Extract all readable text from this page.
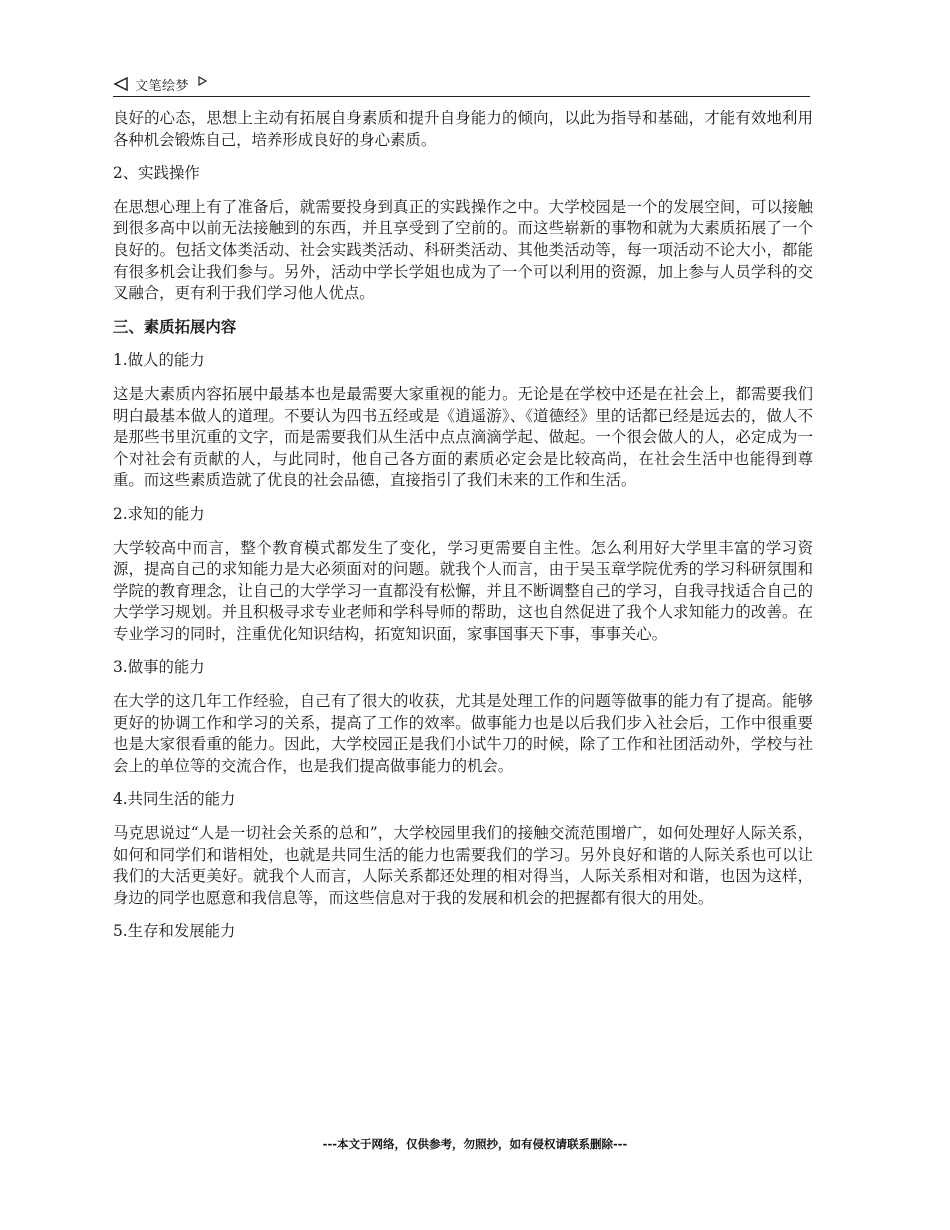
文笔绘梦
良好的心态，思想上主动有拓展自身素质和提升自身能力的倾向，以此为指导和基础，才能有效地利用各种机会锻炼自己，培养形成良好的身心素质。
2、实践操作
在思想心理上有了准备后，就需要投身到真正的实践操作之中。大学校园是一个的发展空间，可以接触到很多高中以前无法接触到的东西，并且享受到了空前的。而这些崭新的事物和就为大素质拓展了一个良好的。包括文体类活动、社会实践类活动、科研类活动、其他类活动等，每一项活动不论大小，都能有很多机会让我们参与。另外，活动中学长学姐也成为了一个可以利用的资源，加上参与人员学科的交叉融合，更有利于我们学习他人优点。
三、素质拓展内容
1.做人的能力
这是大素质内容拓展中最基本也是最需要大家重视的能力。无论是在学校中还是在社会上，都需要我们明白最基本做人的道理。不要认为四书五经或是《逍遥游》、《道德经》里的话都已经是远去的，做人不是那些书里沉重的文字，而是需要我们从生活中点点滴滴学起、做起。一个很会做人的人，必定成为一个对社会有贡献的人，与此同时，他自己各方面的素质必定会是比较高尚，在社会生活中也能得到尊重。而这些素质造就了优良的社会品德，直接指引了我们未来的工作和生活。
2.求知的能力
大学较高中而言，整个教育模式都发生了变化，学习更需要自主性。怎么利用好大学里丰富的学习资源，提高自己的求知能力是大必须面对的问题。就我个人而言，由于吴玉章学院优秀的学习科研氛围和学院的教育理念，让自己的大学学习一直都没有松懈，并且不断调整自己的学习，自我寻找适合自己的大学学习规划。并且积极寻求专业老师和学科导师的帮助，这也自然促进了我个人求知能力的改善。在专业学习的同时，注重优化知识结构，拓宽知识面，家事国事天下事，事事关心。
3.做事的能力
在大学的这几年工作经验，自己有了很大的收获，尤其是处理工作的问题等做事的能力有了提高。能够更好的协调工作和学习的关系，提高了工作的效率。做事能力也是以后我们步入社会后，工作中很重要也是大家很看重的能力。因此，大学校园正是我们小试牛刀的时候，除了工作和社团活动外，学校与社会上的单位等的交流合作，也是我们提高做事能力的机会。
4.共同生活的能力
马克思说过“人是一切社会关系的总和”，大学校园里我们的接触交流范围增广，如何处理好人际关系，如何和同学们和谐相处，也就是共同生活的能力也需要我们的学习。另外良好和谐的人际关系也可以让我们的大活更美好。就我个人而言，人际关系都还处理的相对得当，人际关系相对和谐，也因为这样，身边的同学也愿意和我信息等，而这些信息对于我的发展和机会的把握都有很大的用处。
5.生存和发展能力
---本文于网络，仅供参考，勿照抄，如有侵权请联系删除---
